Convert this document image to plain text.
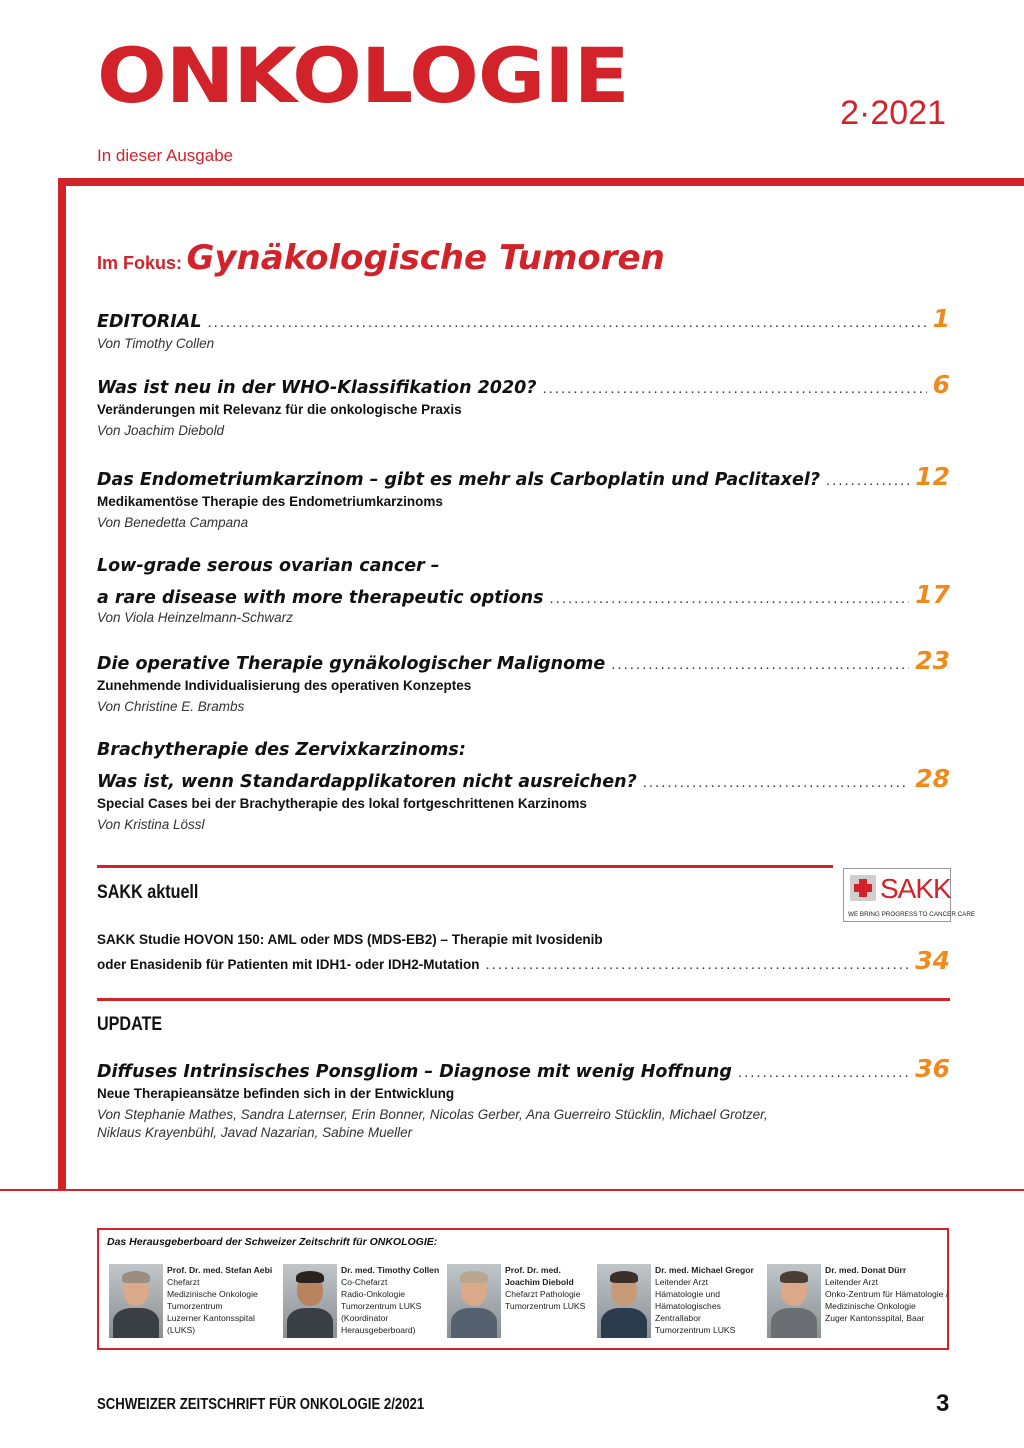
ONKOLOGIE	2·2021
In dieser Ausgabe
Im Fokus: Gynäkologische Tumoren
EDITORIAL .....	1
Von Timothy Collen
Was ist neu in der WHO-Klassifikation 2020? .....	6
Veränderungen mit Relevanz für die onkologische Praxis
Von Joachim Diebold
Das Endometriumkarzinom – gibt es mehr als Carboplatin und Paclitaxel? .....	12
Medikamentöse Therapie des Endometriumkarzinoms
Von Benedetta Campana
Low-grade serous ovarian cancer –
a rare disease with more therapeutic options .....	17
Von Viola Heinzelmann-Schwarz
Die operative Therapie gynäkologischer Malignome .....	23
Zunehmende Individualisierung des operativen Konzeptes
Von Christine E. Brambs
Brachytherapie des Zervixkarzinoms:
Was ist, wenn Standardapplikatoren nicht ausreichen? .....	28
Special Cases bei der Brachytherapie des lokal fortgeschrittenen Karzinoms
Von Kristina Lössl
SAKK aktuell	SAKK
WE BRING PROGRESS TO CANCER CARE
SAKK Studie HOVON 150: AML oder MDS (MDS-EB2) – Therapie mit Ivosidenib
oder Enasidenib für Patienten mit IDH1- oder IDH2-Mutation .....	34
UPDATE
Diffuses Intrinsisches Ponsgliom – Diagnose mit wenig Hoffnung .....	36
Neue Therapieansätze befinden sich in der Entwicklung
Von Stephanie Mathes, Sandra Laternser, Erin Bonner, Nicolas Gerber, Ana Guerreiro Stücklin, Michael Grotzer,
Niklaus Krayenbühl, Javad Nazarian, Sabine Mueller
Das Herausgeberboard der Schweizer Zeitschrift für ONKOLOGIE:
Prof. Dr. med. Stefan Aebi
Chefarzt
Medizinische Onkologie
Tumorzentrum
Luzerner Kantonsspital
(LUKS)
Dr. med. Timothy Collen
Co-Chefarzt
Radio-Onkologie
Tumorzentrum LUKS
(Koordinator
Herausgeberboard)
Prof. Dr. med.
Joachim Diebold
Chefarzt Pathologie
Tumorzentrum LUKS
Dr. med. Michael Gregor
Leitender Arzt
Hämatologie und
Hämatologisches
Zentrallabor
Tumorzentrum LUKS
Dr. med. Donat Dürr
Leitender Arzt
Onko-Zentrum für Hämatologie /
Medizinische Onkologie
Zuger Kantonsspital, Baar
SCHWEIZER ZEITSCHRIFT FÜR ONKOLOGIE 2/2021	3
